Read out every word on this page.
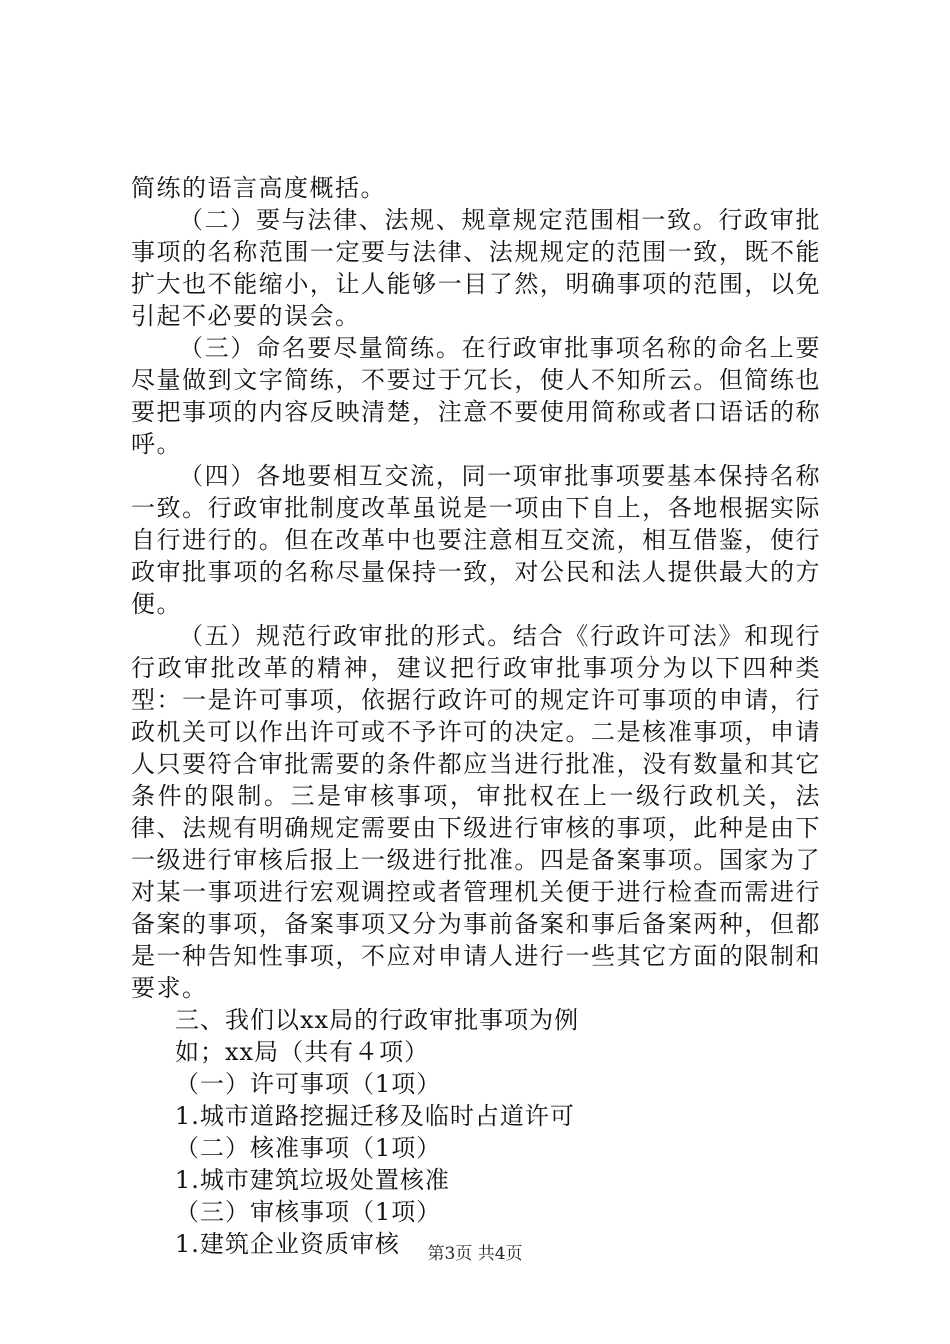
简练的语言高度概括。

（二）要与法律、法规、规章规定范围相一致。行政审批事项的名称范围一定要与法律、法规规定的范围一致，既不能扩大也不能缩小，让人能够一目了然，明确事项的范围，以免引起不必要的误会。

（三）命名要尽量简练。在行政审批事项名称的命名上要尽量做到文字简练，不要过于冗长，使人不知所云。但简练也要把事项的内容反映清楚，注意不要使用简称或者口语话的称呼。

（四）各地要相互交流，同一项审批事项要基本保持名称一致。行政审批制度改革虽说是一项由下自上，各地根据实际自行进行的。但在改革中也要注意相互交流，相互借鉴，使行政审批事项的名称尽量保持一致，对公民和法人提供最大的方便。

（五）规范行政审批的形式。结合《行政许可法》和现行行政审批改革的精神，建议把行政审批事项分为以下四种类型：一是许可事项，依据行政许可的规定许可事项的申请，行政机关可以作出许可或不予许可的决定。二是核准事项，申请人只要符合审批需要的条件都应当进行批准，没有数量和其它条件的限制。三是审核事项，审批权在上一级行政机关，法律、法规有明确规定需要由下级进行审核的事项，此种是由下一级进行审核后报上一级进行批准。四是备案事项。国家为了对某一事项进行宏观调控或者管理机关便于进行检查而需进行备案的事项，备案事项又分为事前备案和事后备案两种，但都是一种告知性事项，不应对申请人进行一些其它方面的限制和要求。

三、我们以xx局的行政审批事项为例

如；xx局（共有４项）

（一）许可事项（1项）

1.城市道路挖掘迁移及临时占道许可

（二）核准事项（1项）

1.城市建筑垃圾处置核准

（三）审核事项（1项）

1.建筑企业资质审核	第3页 共4页
